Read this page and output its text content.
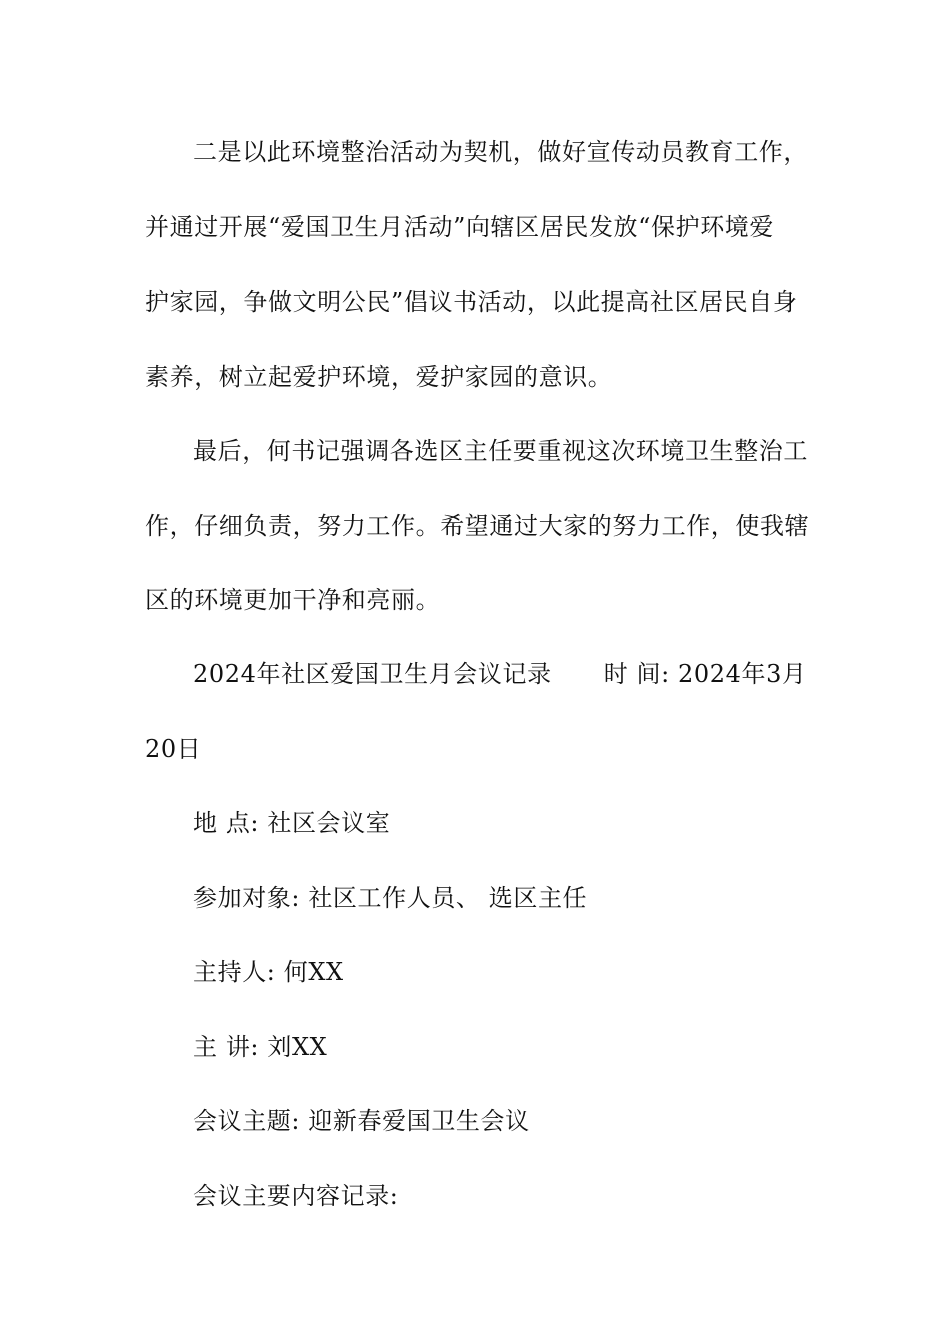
二是以此环境整治活动为契机，做好宣传动员教育工作，
并通过开展“爱国卫生月活动”向辖区居民发放“保护环境爱
护家园，争做文明公民”倡议书活动，以此提高社区居民自身
素养，树立起爱护环境，爱护家园的意识。
最后，何书记强调各选区主任要重视这次环境卫生整治工
作，仔细负责，努力工作。希望通过大家的努力工作，使我辖
区的环境更加干净和亮丽。
2024年社区爱国卫生月会议记录 时 间: 2024年3月
20日
地 点: 社区会议室
参加对象: 社区工作人员、 选区主任
主持人: 何XX
主 讲: 刘XX
会议主题: 迎新春爱国卫生会议
会议主要内容记录:
